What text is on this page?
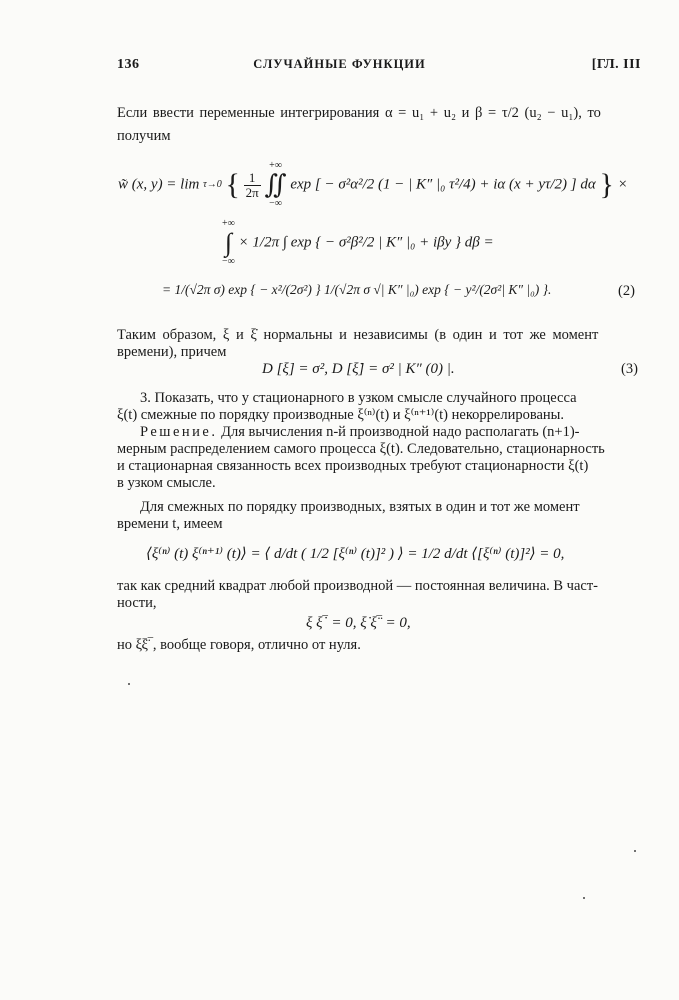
136	СЛУЧАЙНЫЕ ФУНКЦИИ	[ГЛ. III
Если ввести переменные интегрирования α = u₁ + u₂ и β = τ/2 (u₂ − u₁), то
получим
w̃ (x, y) = lim τ→0 { $\frac{1}{2\pi}$

+∞
∬
−∞
exp [ − σ²α²/2 (1 − | K″ |₀ τ²/4) + iα (x + yτ/2) ] dα } ×
+∞
∫
−∞
× 1/2π ∫ exp { − σ²β²/2 | K″ |₀ + iβy } dβ =
= 1/(√2π σ) exp { − x²/(2σ²) } 1/(√2π σ √| K″ |₀) exp { − y²/(2σ²| K″ |₀) }.	(2)
Таким образом, ξ и ξ̇ нормальны и независимы (в один и тот же момент
времени), причем
D [ξ] = σ², D [ξ̇] = σ² | K″ (0) |.	(3)
3. Показать, что у стационарного в узком смысле случайного процесса
ξ(t) смежные по порядку производные ξ⁽ⁿ⁾(t) и ξ⁽ⁿ⁺¹⁾(t) некоррелированы.
Решение. Для вычисления n-й производной надо располагать (n+1)-
мерным распределением самого процесса ξ(t). Следовательно, стационарность
и стационарная связанность всех производных требуют стационарности ξ(t)
в узком смысле.
Для смежных по порядку производных, взятых в один и тот же момент
времени t, имеем
⟨ξ⁽ⁿ⁾ (t) ξ⁽ⁿ⁺¹⁾ (t)⟩ = ⟨ d/dt ( 1/2 [ξ⁽ⁿ⁾ (t)]² ) ⟩ = 1/2 d/dt ⟨[ξ⁽ⁿ⁾ (t)]²⟩ = 0,
так как средний квадрат любой производной — постоянная величина. В част-
ности,
ξ ξ̇‾ = 0, ξ̇ ξ̈‾ = 0,
но ξξ̈‾, вообще говоря, отлично от нуля.
